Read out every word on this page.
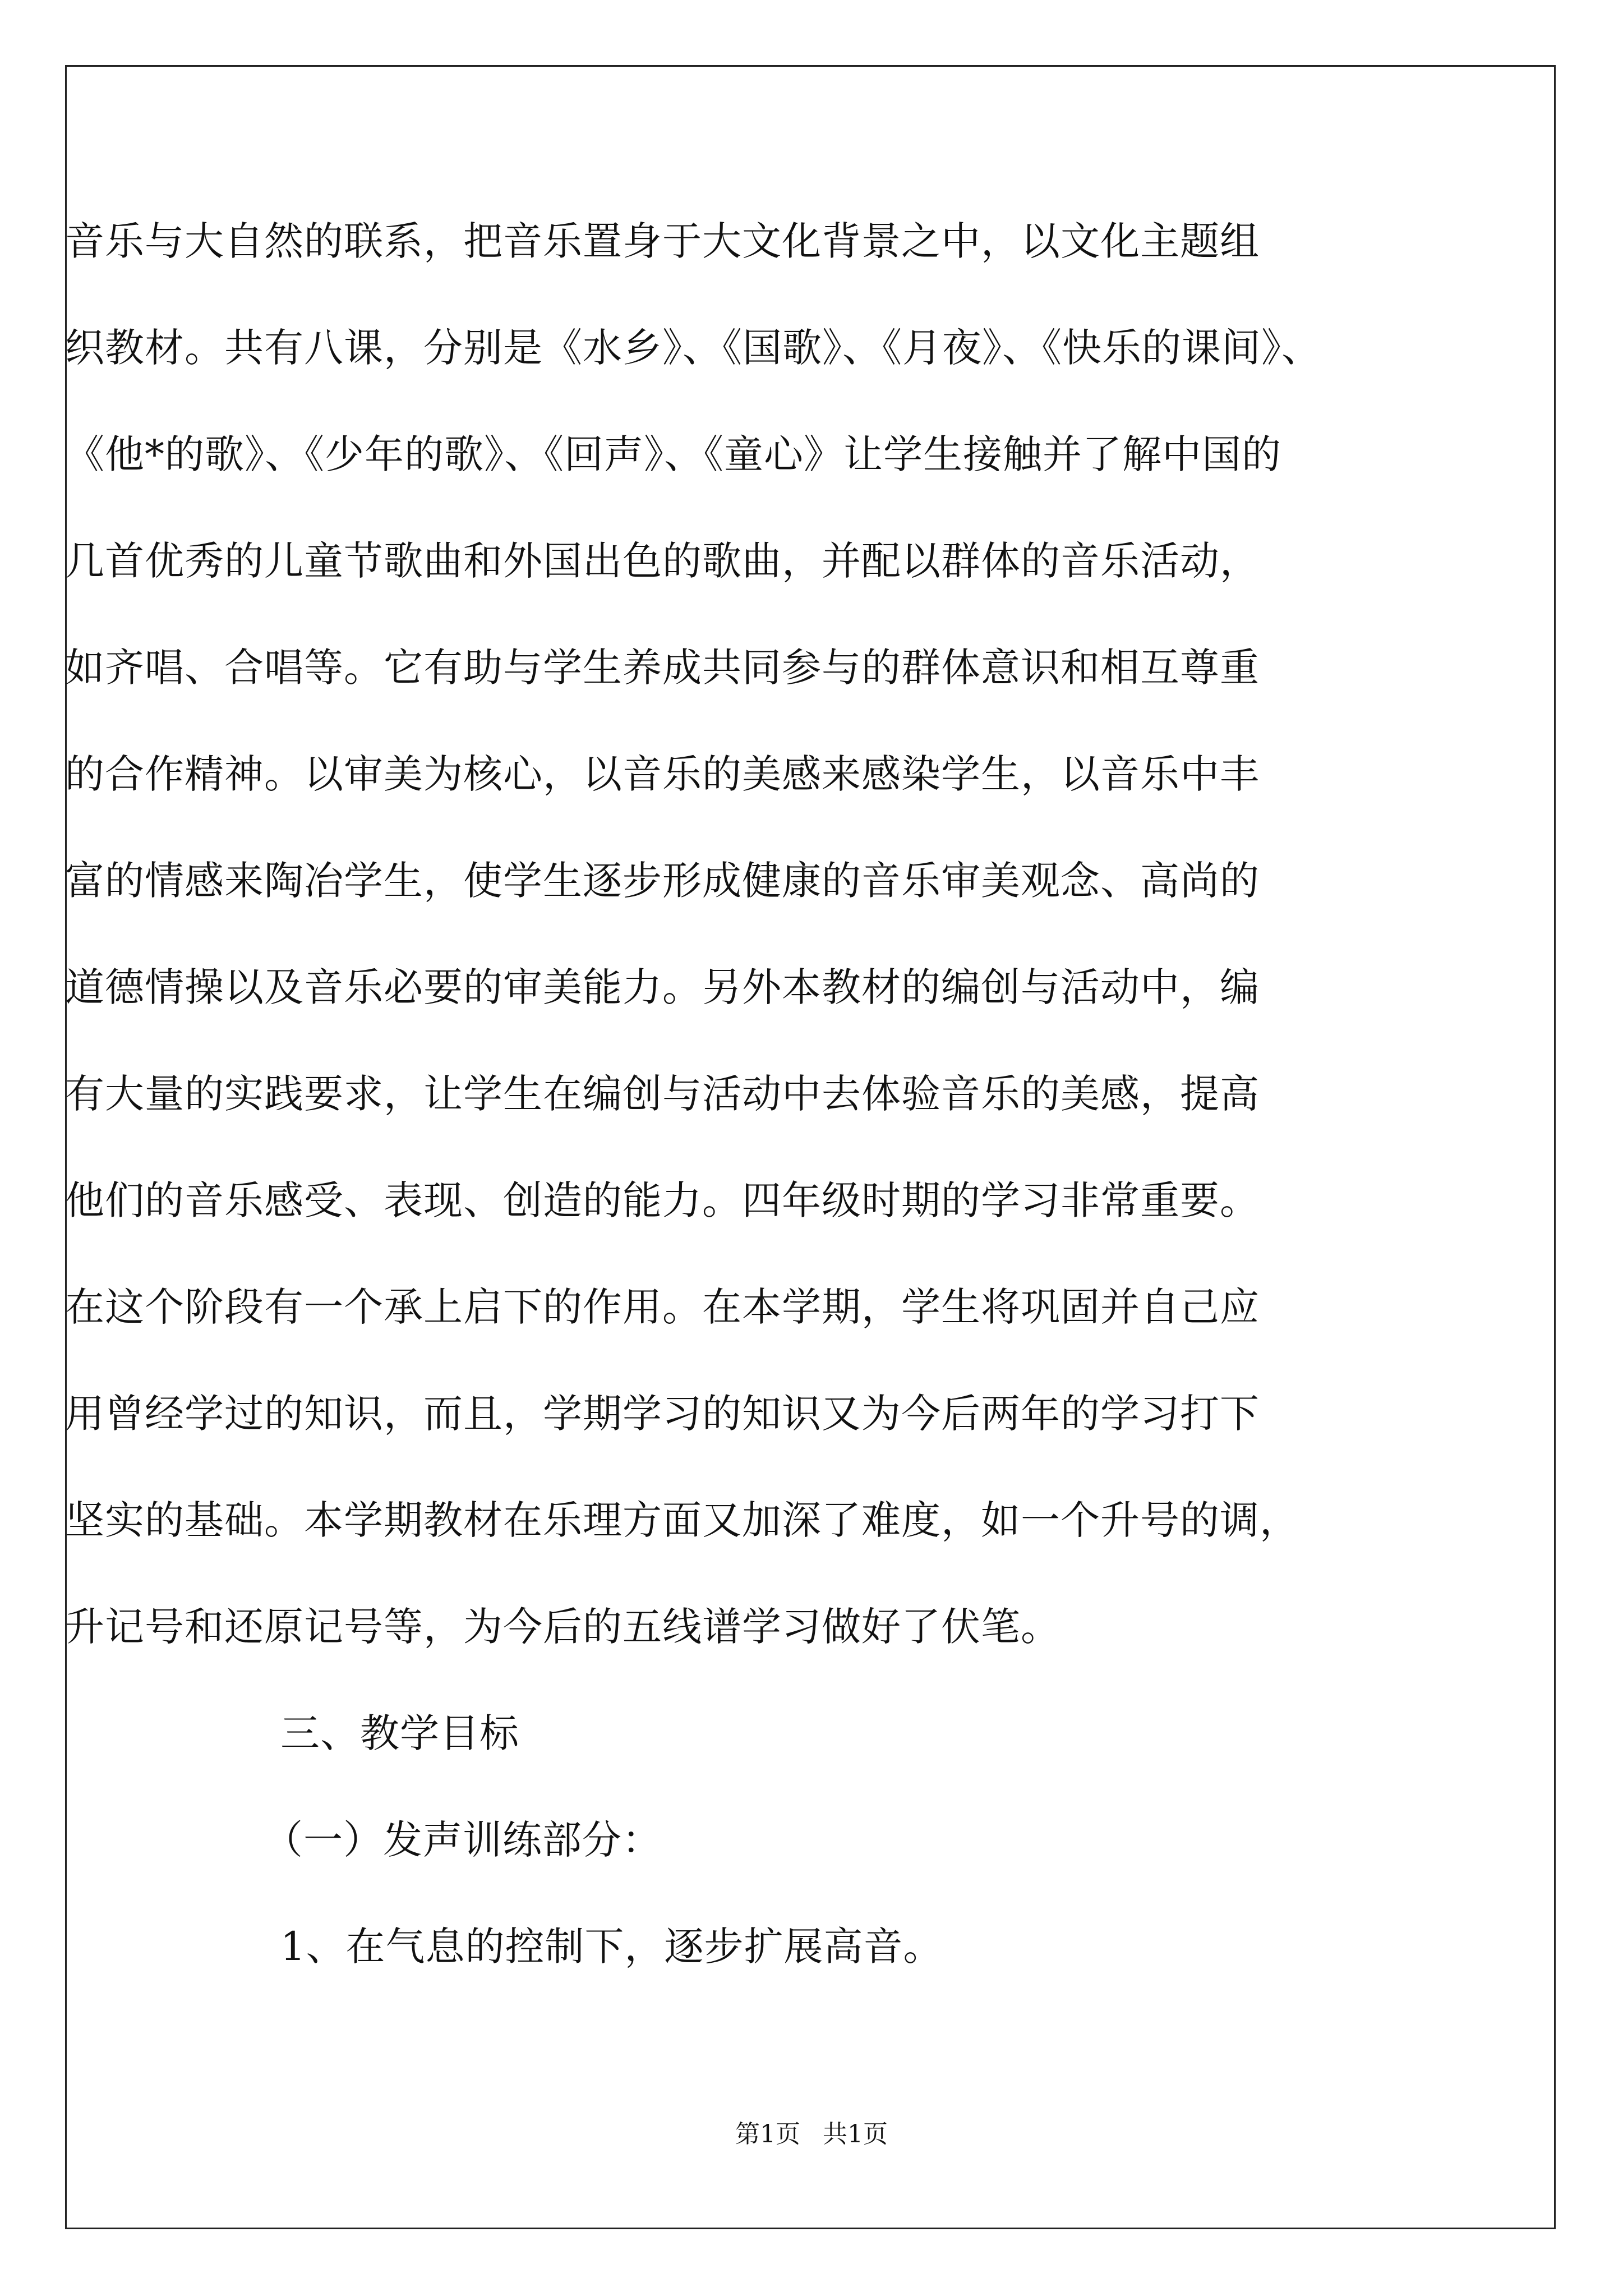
音乐与大自然的联系，把音乐置身于大文化背景之中，以文化主题组
织教材。共有八课，分别是《水乡》、《国歌》、《月夜》、《快乐的课间》、
《他*的歌》、《少年的歌》、《回声》、《童心》让学生接触并了解中国的
几首优秀的儿童节歌曲和外国出色的歌曲，并配以群体的音乐活动，
如齐唱、合唱等。它有助与学生养成共同参与的群体意识和相互尊重
的合作精神。以审美为核心，以音乐的美感来感染学生，以音乐中丰
富的情感来陶冶学生，使学生逐步形成健康的音乐审美观念、高尚的
道德情操以及音乐必要的审美能力。另外本教材的编创与活动中，编
有大量的实践要求，让学生在编创与活动中去体验音乐的美感，提高
他们的音乐感受、表现、创造的能力。四年级时期的学习非常重要。
在这个阶段有一个承上启下的作用。在本学期，学生将巩固并自己应
用曾经学过的知识，而且，学期学习的知识又为今后两年的学习打下
坚实的基础。本学期教材在乐理方面又加深了难度，如一个升号的调，
升记号和还原记号等，为今后的五线谱学习做好了伏笔。
三、教学目标
（一）发声训练部分：
1、在气息的控制下，逐步扩展高音。
第1页 共1页
